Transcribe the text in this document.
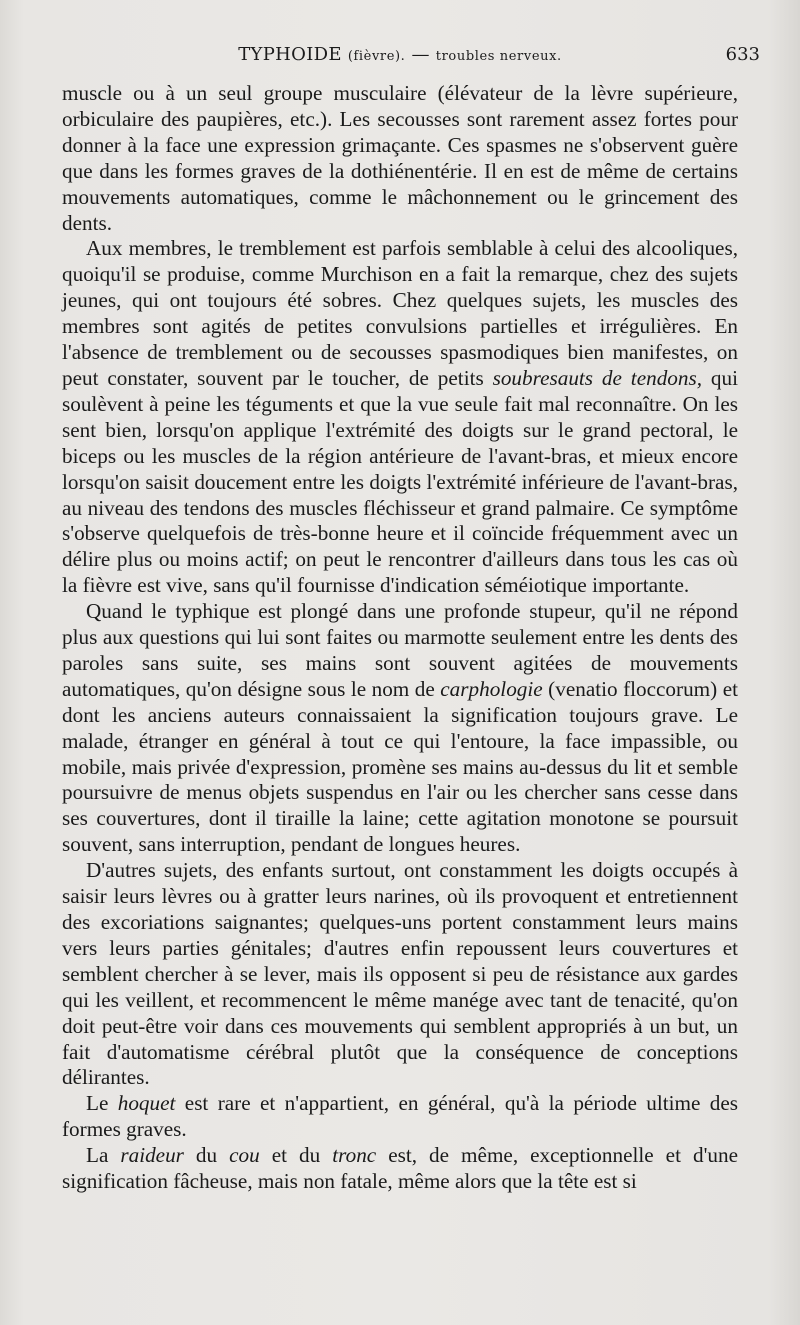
TYPHOIDE (fièvre). — troubles nerveux.	633

muscle ou à un seul groupe musculaire (élévateur de la lèvre supérieure, orbiculaire des paupières, etc.). Les secousses sont rarement assez fortes pour donner à la face une expression grimaçante. Ces spasmes ne s'observent guère que dans les formes graves de la dothiénentérie. Il en est de même de certains mouvements automatiques, comme le mâchonnement ou le grincement des dents.

Aux membres, le tremblement est parfois semblable à celui des alcooliques, quoiqu'il se produise, comme Murchison en a fait la remarque, chez des sujets jeunes, qui ont toujours été sobres. Chez quelques sujets, les muscles des membres sont agités de petites convulsions partielles et irrégulières. En l'absence de tremblement ou de secousses spasmodiques bien manifestes, on peut constater, souvent par le toucher, de petits soubresauts de tendons, qui soulèvent à peine les téguments et que la vue seule fait mal reconnaître. On les sent bien, lorsqu'on applique l'extrémité des doigts sur le grand pectoral, le biceps ou les muscles de la région antérieure de l'avant-bras, et mieux encore lorsqu'on saisit doucement entre les doigts l'extrémité inférieure de l'avant-bras, au niveau des tendons des muscles fléchisseur et grand palmaire. Ce symptôme s'observe quelquefois de très-bonne heure et il coïncide fréquemment avec un délire plus ou moins actif; on peut le rencontrer d'ailleurs dans tous les cas où la fièvre est vive, sans qu'il fournisse d'indication séméiotique importante.

Quand le typhique est plongé dans une profonde stupeur, qu'il ne répond plus aux questions qui lui sont faites ou marmotte seulement entre les dents des paroles sans suite, ses mains sont souvent agitées de mouvements automatiques, qu'on désigne sous le nom de carphologie (venatio floccorum) et dont les anciens auteurs connaissaient la signification toujours grave. Le malade, étranger en général à tout ce qui l'entoure, la face impassible, ou mobile, mais privée d'expression, promène ses mains au-dessus du lit et semble poursuivre de menus objets suspendus en l'air ou les chercher sans cesse dans ses couvertures, dont il tiraille la laine; cette agitation monotone se poursuit souvent, sans interruption, pendant de longues heures.

D'autres sujets, des enfants surtout, ont constamment les doigts occupés à saisir leurs lèvres ou à gratter leurs narines, où ils provoquent et entretiennent des excoriations saignantes; quelques-uns portent constamment leurs mains vers leurs parties génitales; d'autres enfin repoussent leurs couvertures et semblent chercher à se lever, mais ils opposent si peu de résistance aux gardes qui les veillent, et recommencent le même manége avec tant de tenacité, qu'on doit peut-être voir dans ces mouvements qui semblent appropriés à un but, un fait d'automatisme cérébral plutôt que la conséquence de conceptions délirantes.

Le hoquet est rare et n'appartient, en général, qu'à la période ultime des formes graves.

La raideur du cou et du tronc est, de même, exceptionnelle et d'une signification fâcheuse, mais non fatale, même alors que la tête est si
